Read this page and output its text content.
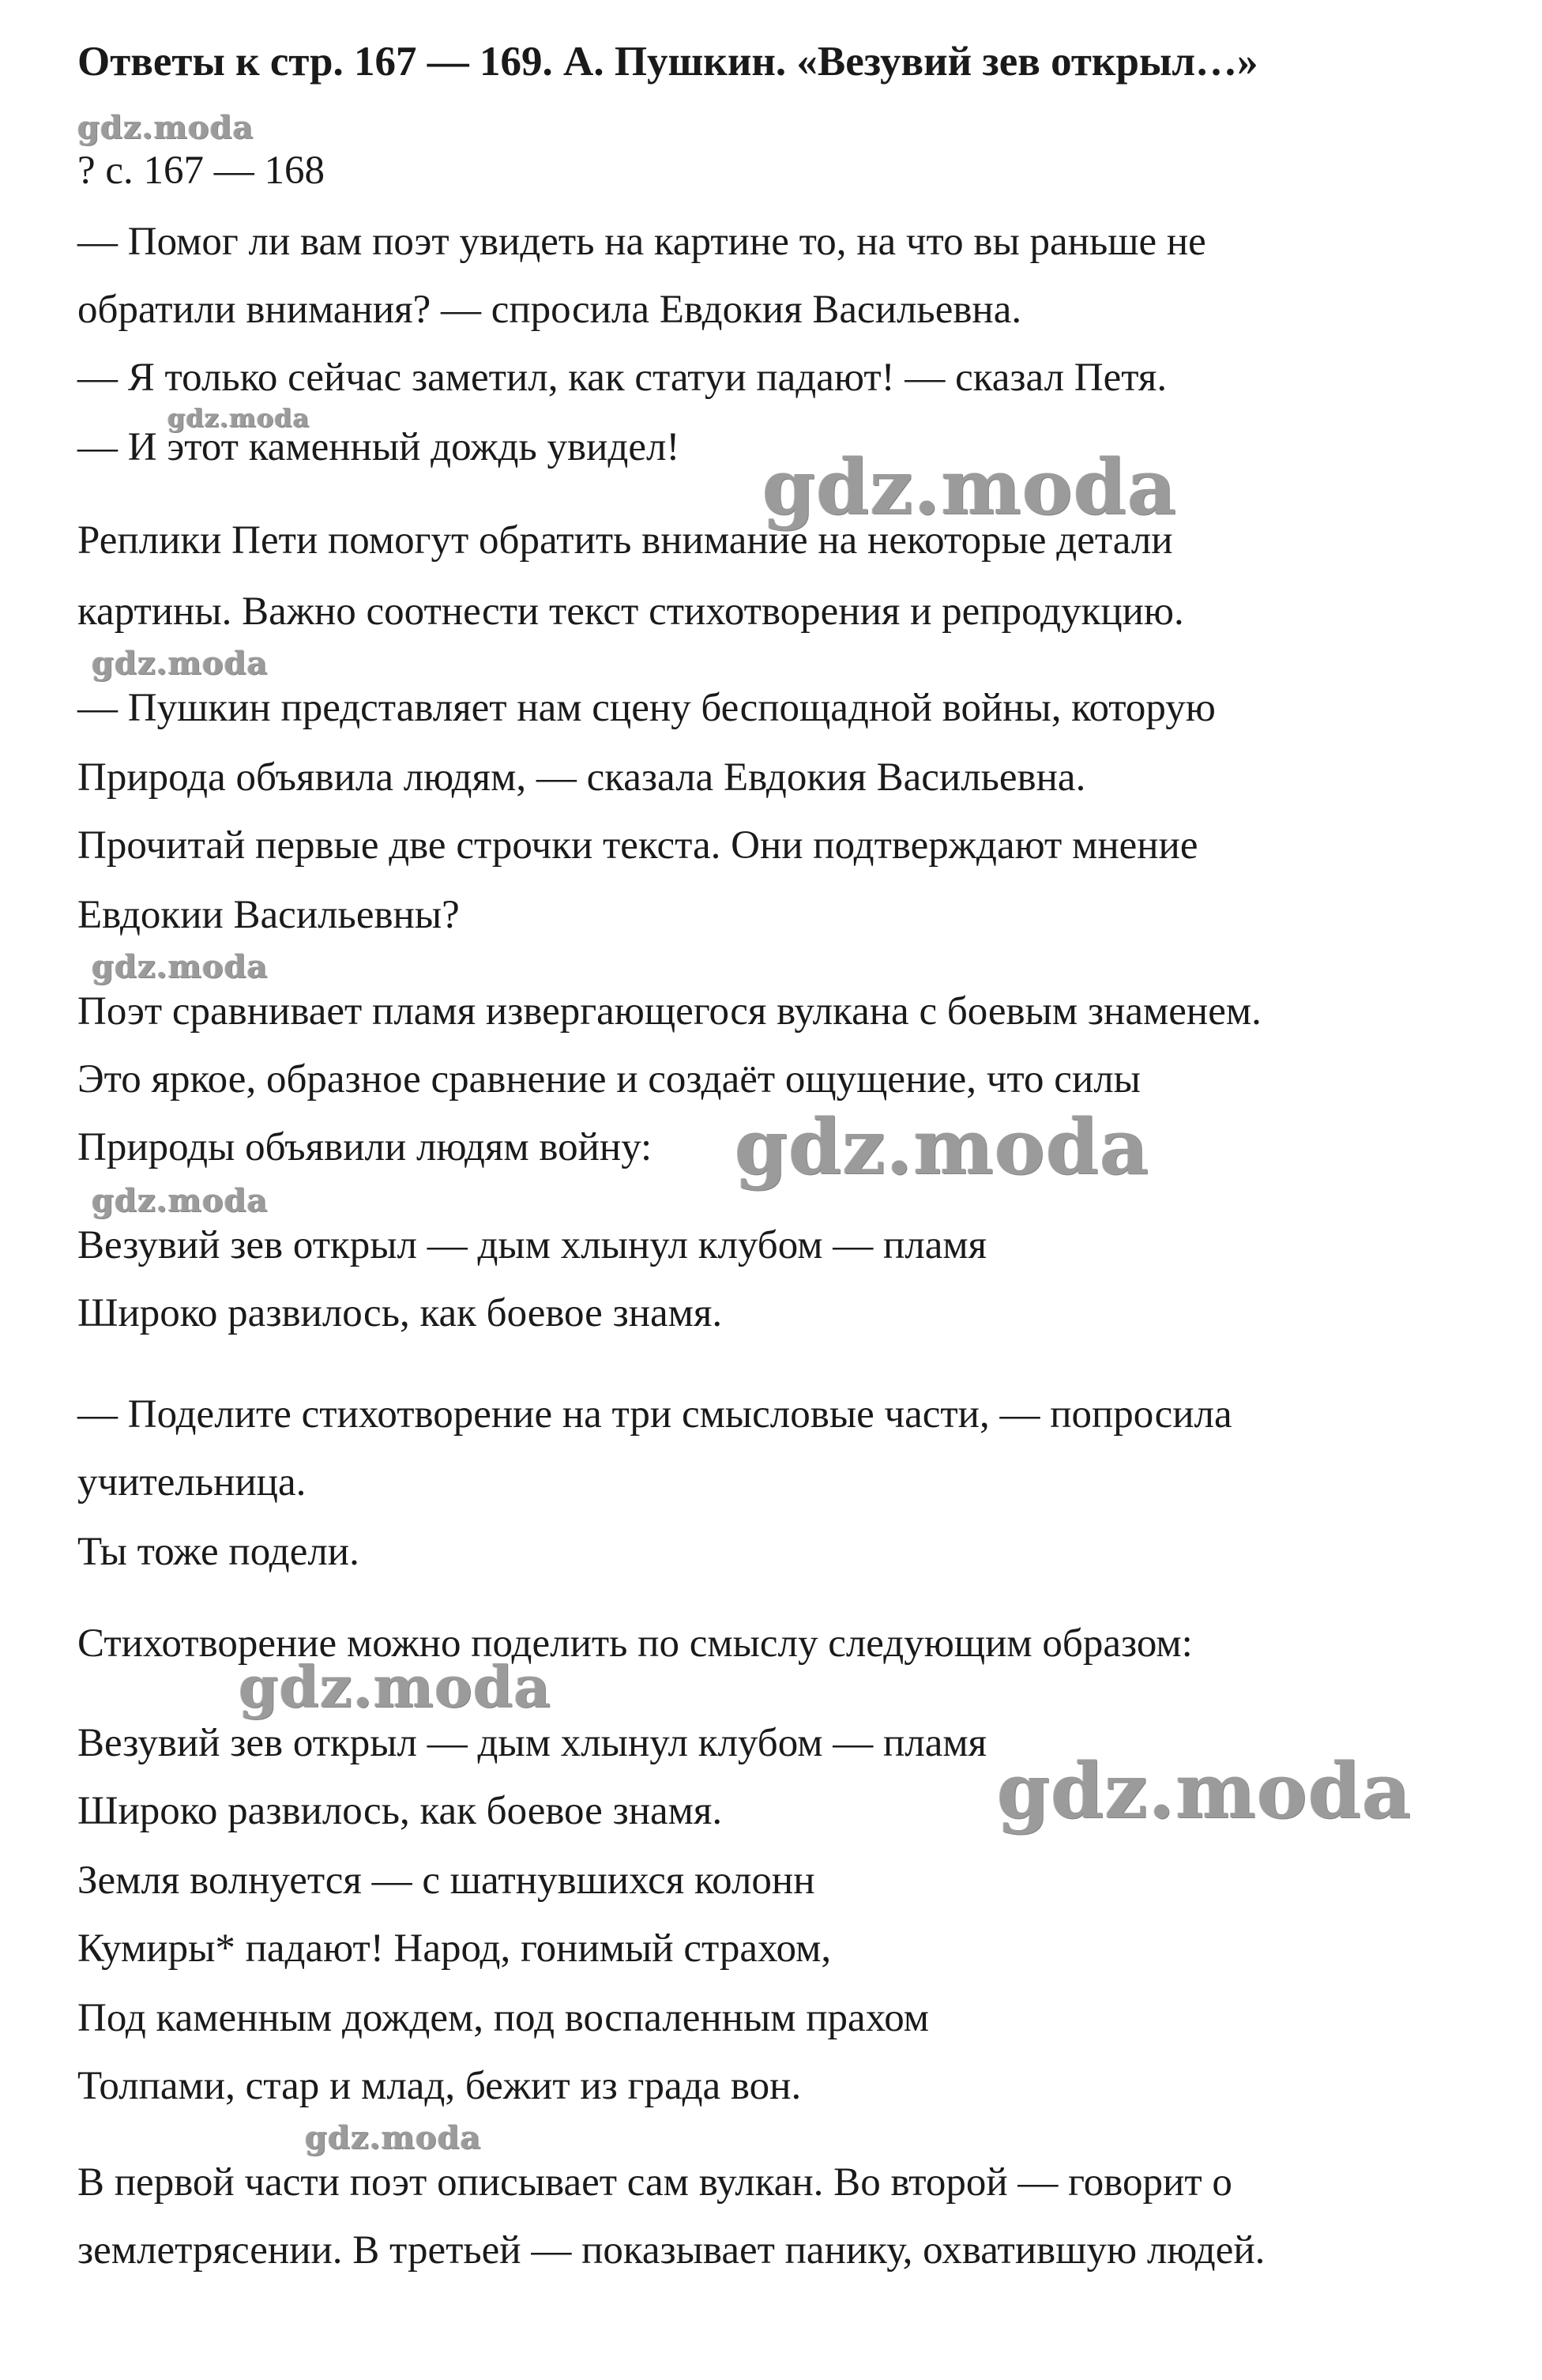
Ответы к стр. 167 — 169. А. Пушкин. «Везувий зев открыл…»
? с. 167 — 168
— Помог ли вам поэт увидеть на картине то, на что вы раньше не
обратили внимания? — спросила Евдокия Васильевна.
— Я только сейчас заметил, как статуи падают! — сказал Петя.
— И этот каменный дождь увидел!
Реплики Пети помогут обратить внимание на некоторые детали
картины. Важно соотнести текст стихотворения и репродукцию.
— Пушкин представляет нам сцену беспощадной войны, которую
Природа объявила людям, — сказала Евдокия Васильевна.
Прочитай первые две строчки текста. Они подтверждают мнение
Евдокии Васильевны?
Поэт сравнивает пламя извергающегося вулкана с боевым знаменем.
Это яркое, образное сравнение и создаёт ощущение, что силы
Природы объявили людям войну:
Везувий зев открыл — дым хлынул клубом — пламя
Широко развилось, как боевое знамя.
— Поделите стихотворение на три смысловые части, — попросила
учительница.
Ты тоже подели.
Стихотворение можно поделить по смыслу следующим образом:
Везувий зев открыл — дым хлынул клубом — пламя
Широко развилось, как боевое знамя.
Земля волнуется — с шатнувшихся колонн
Кумиры* падают! Народ, гонимый страхом,
Под каменным дождем, под воспаленным прахом
Толпами, стар и млад, бежит из града вон.
В первой части поэт описывает сам вулкан. Во второй — говорит о
землетрясении. В третьей — показывает панику, охватившую людей.
gdz.moda
gdz.moda
gdz.moda
gdz.moda
gdz.moda
gdz.moda
gdz.moda
gdz.moda
gdz.moda
gdz.moda
